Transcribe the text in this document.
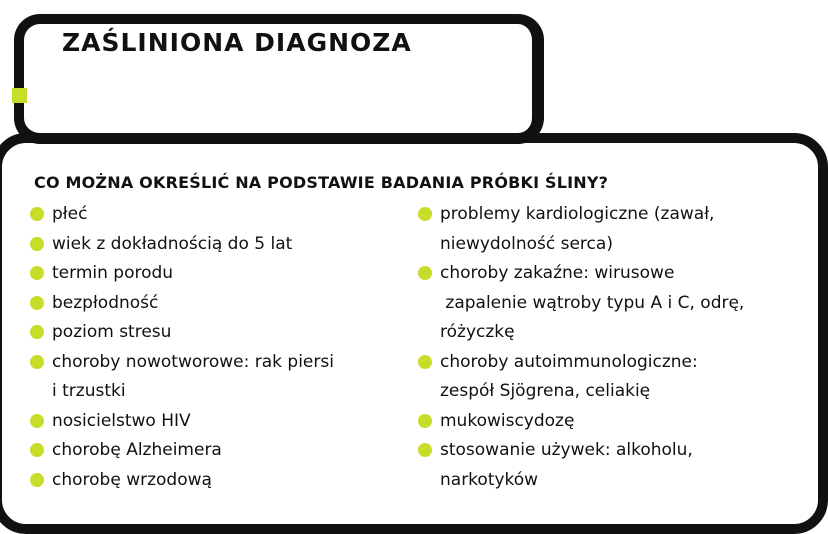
ZAŚLINIONA DIAGNOZA
CO MOŻNA OKREŚLIĆ NA PODSTAWIE BADANIA PRÓBKI ŚLINY?
płeć
wiek z dokładnością do 5 lat
termin porodu
bezpłodność
poziom stresu
choroby nowotworowe: rak piersi
i trzustki
nosicielstwo HIV
chorobę Alzheimera
chorobę wrzodową
problemy kardiologiczne (zawał,
niewydolność serca)
choroby zakaźne: wirusowe
zapalenie wątroby typu A i C, odrę,
różyczkę
choroby autoimmunologiczne:
zespół Sjögrena, celiakię
mukowiscydozę
stosowanie używek: alkoholu,
narkotyków
